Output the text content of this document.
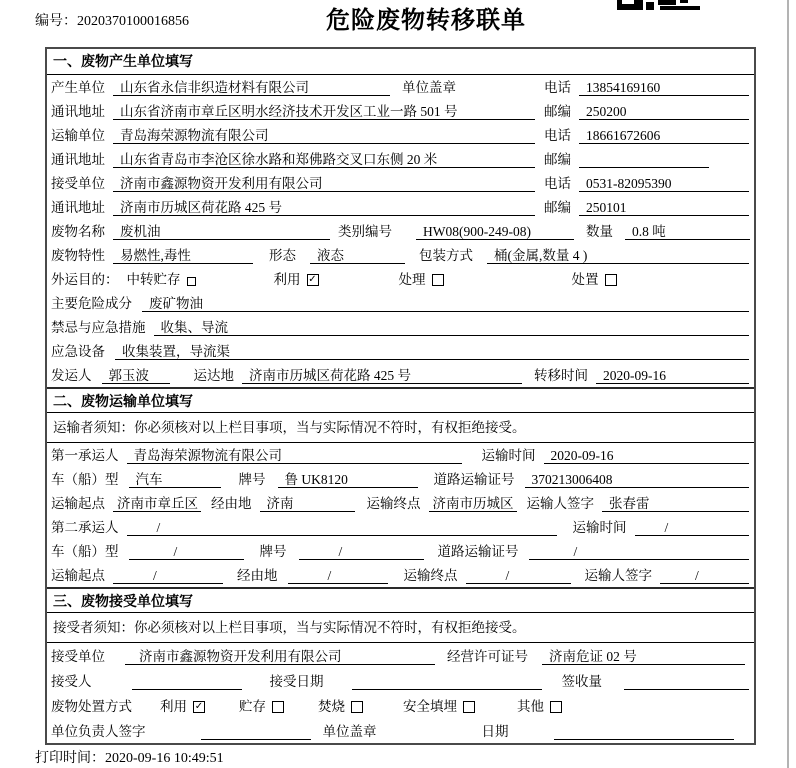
编号：2020370100016856	危险废物转移联单
一、废物产生单位填写
产生单位	山东省永信非织造材料有限公司	单位盖章	电话	13854169160
通讯地址	山东省济南市章丘区明水经济技术开发区工业一路 501 号	邮编	250200
运输单位	青岛海荣源物流有限公司	电话	18661672606
通讯地址	山东省青岛市李沧区徐水路和郑佛路交叉口东侧 20 米	邮编
接受单位	济南市鑫源物资开发利用有限公司	电话	0531-82095390
通讯地址	济南市历城区荷花路 425 号	邮编	250101
废物名称	废机油	类别编号	HW08(900-249-08)	数量	0.8 吨
废物特性	易燃性,毒性	形态	液态	包装方式	桶(金属,数量 4 )
外运目的： 中转贮存	利用 ✓	处理	处置
主要危险成分	废矿物油
禁忌与应急措施	收集、导流
应急设备	收集装置，导流渠
发运人	郭玉波	运达地	济南市历城区荷花路 425 号	转移时间	2020-09-16
二、废物运输单位填写
运输者须知：你必须核对以上栏目事项，当与实际情况不符时，有权拒绝接受。
第一承运人	青岛海荣源物流有限公司	运输时间	2020-09-16
车（船）型	汽车	牌号	鲁 UK8120	道路运输证号	370213006408
运输起点 济南市章丘区 经由地	济南	运输终点 济南市历城区 运输人签字	张春雷
第二承运人	/	运输时间	/
车（船）型	/	牌号	/	道路运输证号	/
运输起点	/	经由地	/	运输终点	/	运输人签字	/
三、废物接受单位填写
接受者须知：你必须核对以上栏目事项，当与实际情况不符时，有权拒绝接受。
接受单位	济南市鑫源物资开发利用有限公司	经营许可证号	济南危证 02 号
接受人	接受日期	签收量
废物处置方式 利用 ✓	贮存	焚烧	安全填埋	其他
单位负责人签字	单位盖章	日期
打印时间：2020-09-16 10:49:51
